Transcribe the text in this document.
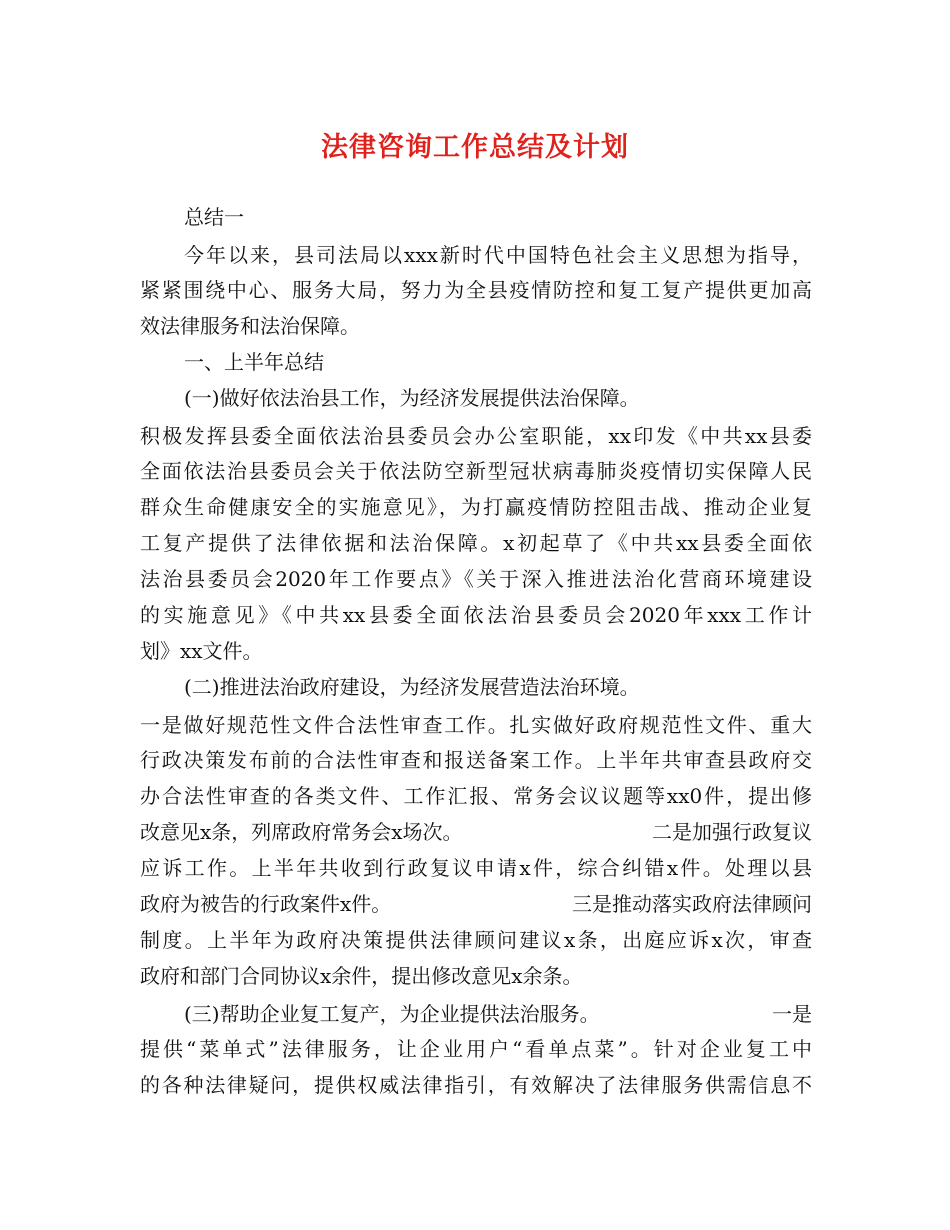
法律咨询工作总结及计划
总结一
今年以来，县司法局以xxx新时代中国特色社会主义思想为指导，
紧紧围绕中心、服务大局，努力为全县疫情防控和复工复产提供更加高
效法律服务和法治保障。
一、上半年总结
(一)做好依法治县工作，为经济发展提供法治保障。
积极发挥县委全面依法治县委员会办公室职能，xx印发《中共xx县委
全面依法治县委员会关于依法防空新型冠状病毒肺炎疫情切实保障人民
群众生命健康安全的实施意见》，为打赢疫情防控阻击战、推动企业复
工复产提供了法律依据和法治保障。x初起草了《中共xx县委全面依
法治县委员会2020年工作要点》《关于深入推进法治化营商环境建设
的实施意见》《中共xx县委全面依法治县委员会2020年xxx工作计
划》xx文件。
(二)推进法治政府建设，为经济发展营造法治环境。
一是做好规范性文件合法性审查工作。扎实做好政府规范性文件、重大
行政决策发布前的合法性审查和报送备案工作。上半年共审查县政府交
办合法性审查的各类文件、工作汇报、常务会议议题等xx0件，提出修
改意见x条，列席政府常务会x场次。	二是加强行政复议
应诉工作。上半年共收到行政复议申请x件，综合纠错x件。处理以县
政府为被告的行政案件x件。	三是推动落实政府法律顾问
制度。上半年为政府决策提供法律顾问建议x条，出庭应诉x次，审查
政府和部门合同协议x余件，提出修改意见x余条。
(三)帮助企业复工复产，为企业提供法治服务。	一是
提供“菜单式”法律服务，让企业用户“看单点菜”。针对企业复工中
的各种法律疑问，提供权威法律指引，有效解决了法律服务供需信息不
